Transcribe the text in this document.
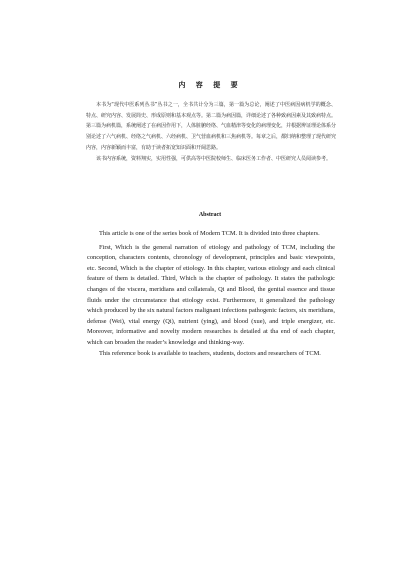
内 容 提 要

本书为“现代中医系列丛书”丛书之一，全书共计分为三篇，第一篇为总论，阐述了中医病因病机学的概念、特点、研究内容、发展简史、形成原则和基本观点等。第二篇为病因篇，详细论述了各种致病因素及其致病特点。第三篇为病机篇，系统阐述了在病因作用下，人体脏腑经络、气血精津等变化的病理变化，并根据辨证理论体系分别论述了六气病机、经络之气病机、六经病机、卫气营血病机和三焦病机等。每章之后，都归纳和整理了现代研究内容，内容新颖而丰富，有助于读者拓宽知识面和开阔思路。

该书内容系统，资料翔实，实用性强，可供高等中医院校师生、临床医务工作者、中医研究人员阅读参考。

Abstract

This article is one of the series book of Modern TCM. It is divided into three chapters.

First, Which is the general narration of etiology and pathology of TCM, including the conception, characters contents, chronology of development, principles and basic viewpoints, etc. Second, Which is the chapter of etiology. In this chapter, various etiology and each clinical feature of them is detailed. Third, Which is the chapter of pathology. It states the pathologic changes of the viscera, meridians and collaterals, Qi and Blood, the genital essence and tissue fluids under the circumstance that etiology exist. Furthermore, it generalized the pathology which produced by the six natural factors malignant infections pathogenic factors, six meridians, defense (Wei), vital energy (Qi), nutrient (ying), and blood (xue), and triple energizer, etc. Moreover, informative and novelty modern researches is detailed at tha end of each chapter, which can broaden the reader’s knowledge and thinking-way.

This reference book is available to teachers, students, doctors and researchers of TCM.
